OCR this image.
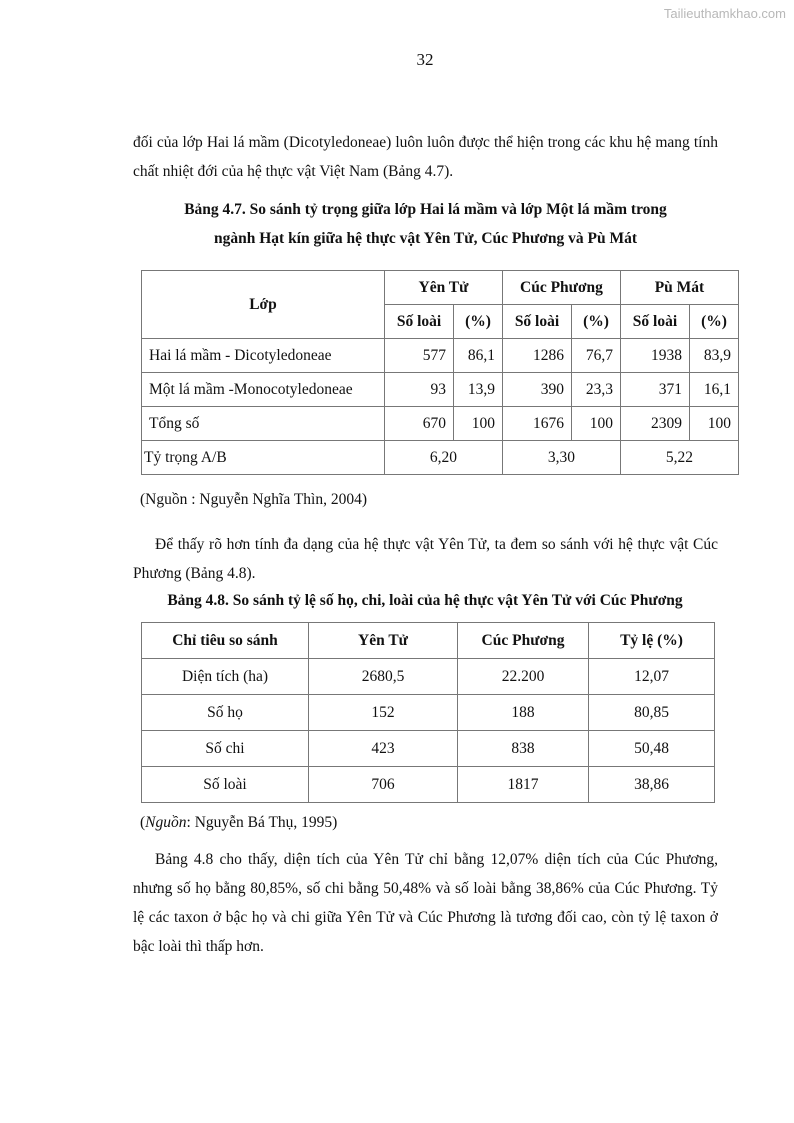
Tailieuthamkhao.com
32

đối của lớp Hai lá mầm (Dicotyledoneae) luôn luôn được thể hiện trong các khu hệ mang tính chất nhiệt đới của hệ thực vật Việt Nam (Bảng 4.7).

Bảng 4.7. So sánh tỷ trọng giữa lớp Hai lá mầm và lớp Một lá mầm trong
ngành Hạt kín giữa hệ thực vật Yên Tử, Cúc Phương và Pù Mát
Lớp	Yên Tử		Cúc Phương		Pù Mát	
	Số loài	(%)	Số loài	(%)	Số loài	(%)
Hai lá mầm - Dicotyledoneae	577	86,1	1286	76,7	1938	83,9
Một lá mầm -Monocotyledoneae	93	13,9	390	23,3	371	16,1
Tổng số	670	100	1676	100	2309	100
Tỷ trọng A/B	6,20		3,30		5,22	
(Nguồn : Nguyễn Nghĩa Thìn, 2004)

Để thấy rõ hơn tính đa dạng của hệ thực vật Yên Tử, ta đem so sánh với hệ thực vật Cúc Phương (Bảng 4.8).

Bảng 4.8. So sánh tỷ lệ số họ, chi, loài của hệ thực vật Yên Tử với Cúc Phương
Chỉ tiêu so sánh	Yên Tử	Cúc Phương	Tỷ lệ (%)
Diện tích (ha)	2680,5	22.200	12,07
Số họ	152	188	80,85
Số chi	423	838	50,48
Số loài	706	1817	38,86
(Nguồn: Nguyễn Bá Thụ, 1995)

Bảng 4.8 cho thấy, diện tích của Yên Tử chỉ bằng 12,07% diện tích của Cúc Phương, nhưng số họ bằng 80,85%, số chi bằng 50,48% và số loài bằng 38,86% của Cúc Phương. Tỷ lệ các taxon ở bậc họ và chi giữa Yên Tử và Cúc Phương là tương đối cao, còn tỷ lệ taxon ở bậc loài thì thấp hơn.
